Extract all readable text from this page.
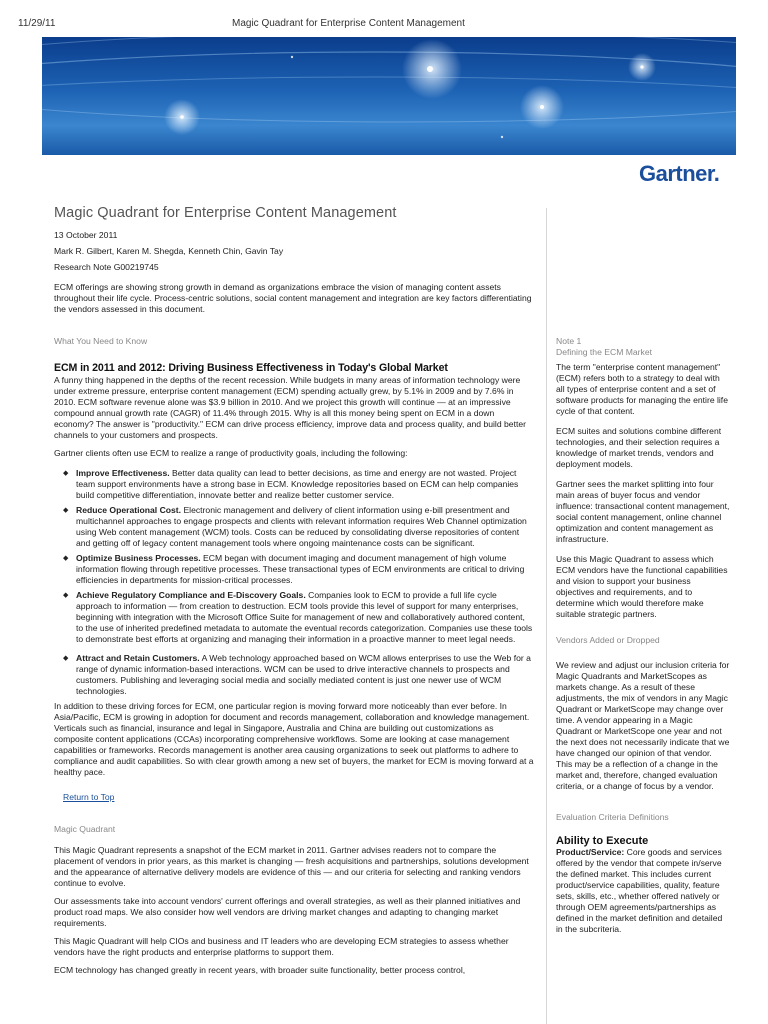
11/29/11	Magic Quadrant for Enterprise Content Management
Gartner.
Magic Quadrant for Enterprise Content Management

13 October 2011

Mark R. Gilbert, Karen M. Shegda, Kenneth Chin, Gavin Tay

Research Note G00219745

ECM offerings are showing strong growth in demand as organizations embrace the vision of managing content assets throughout their life cycle. Process-centric solutions, social content management and integration are key factors differentiating the vendors assessed in this document.

What You Need to Know

ECM in 2011 and 2012: Driving Business Effectiveness in Today's Global Market

A funny thing happened in the depths of the recent recession. While budgets in many areas of information technology were under extreme pressure, enterprise content management (ECM) spending actually grew, by 5.1% in 2009 and by 7.6% in 2010. ECM software revenue alone was $3.9 billion in 2010. And we project this growth will continue — at an impressive compound annual growth rate (CAGR) of 11.4% through 2015. Why is all this money being spent on ECM in a down economy? The answer is "productivity." ECM can drive process efficiency, improve data and process quality, and build better channels to your customers and prospects.

Gartner clients often use ECM to realize a range of productivity goals, including the following:

◆ Improve Effectiveness. Better data quality can lead to better decisions, as time and energy are not wasted. Project team support environments have a strong base in ECM. Knowledge repositories based on ECM can help companies build competitive differentiation, innovate better and realize better customer service.
◆ Reduce Operational Cost. Electronic management and delivery of client information using e-bill presentment and multichannel approaches to engage prospects and clients with relevant information requires Web Channel optimization using Web content management (WCM) tools. Costs can be reduced by consolidating diverse repositories of content and getting off of legacy content management tools where ongoing maintenance costs can be significant.
◆ Optimize Business Processes. ECM began with document imaging and document management of high volume information flowing through repetitive processes. These transactional types of ECM environments are critical to driving efficiencies in departments for mission-critical processes.
◆ Achieve Regulatory Compliance and E-Discovery Goals. Companies look to ECM to provide a full life cycle approach to information — from creation to destruction. ECM tools provide this level of support for many enterprises, beginning with integration with the Microsoft Office Suite for management of new and collaboratively authored content, to the use of inherited predefined metadata to automate the eventual records categorization. Companies use these tools to demonstrate best efforts at organizing and managing their information in a proactive manner to meet legal needs.
◆ Attract and Retain Customers. A Web technology approached based on WCM allows enterprises to use the Web for a range of dynamic information-based interactions. WCM can be used to drive interactive channels to prospects and customers. Publishing and leveraging social media and socially mediated content is just one newer use of WCM technologies.

In addition to these driving forces for ECM, one particular region is moving forward more noticeably than ever before. In Asia/Pacific, ECM is growing in adoption for document and records management, collaboration and knowledge management. Verticals such as financial, insurance and legal in Singapore, Australia and China are building out customizations as composite content applications (CCAs) incorporating comprehensive workflows. Some are looking at case management capabilities or frameworks. Records management is another area causing organizations to seek out platforms to adhere to compliance and audit capabilities. So with clear growth among a new set of buyers, the market for ECM is moving forward at a healthy pace.

Return to Top

Magic Quadrant

This Magic Quadrant represents a snapshot of the ECM market in 2011. Gartner advises readers not to compare the placement of vendors in prior years, as this market is changing — fresh acquisitions and partnerships, solutions development and the appearance of alternative delivery models are evidence of this — and our criteria for selecting and ranking vendors continue to evolve.

Our assessments take into account vendors' current offerings and overall strategies, as well as their planned initiatives and product road maps. We also consider how well vendors are driving market changes and adapting to changing market requirements.

This Magic Quadrant will help CIOs and business and IT leaders who are developing ECM strategies to assess whether vendors have the right products and enterprise platforms to support them.

ECM technology has changed greatly in recent years, with broader suite functionality, better process control,

Note 1

Defining the ECM Market

The term "enterprise content management" (ECM) refers both to a strategy to deal with all types of enterprise content and a set of software products for managing the entire life cycle of that content.

ECM suites and solutions combine different technologies, and their selection requires a knowledge of market trends, vendors and deployment models.

Gartner sees the market splitting into four main areas of buyer focus and vendor influence: transactional content management, social content management, online channel optimization and content management as infrastructure.

Use this Magic Quadrant to assess which ECM vendors have the functional capabilities and vision to support your business objectives and requirements, and to determine which would therefore make suitable strategic partners.

Vendors Added or Dropped

We review and adjust our inclusion criteria for Magic Quadrants and MarketScopes as markets change. As a result of these adjustments, the mix of vendors in any Magic Quadrant or MarketScope may change over time. A vendor appearing in a Magic Quadrant or MarketScope one year and not the next does not necessarily indicate that we have changed our opinion of that vendor. This may be a reflection of a change in the market and, therefore, changed evaluation criteria, or a change of focus by a vendor.

Evaluation Criteria Definitions

Ability to Execute

Product/Service: Core goods and services offered by the vendor that compete in/serve the defined market. This includes current product/service capabilities, quality, feature sets, skills, etc., whether offered natively or through OEM agreements/partnerships as defined in the market definition and detailed in the subcriteria.
